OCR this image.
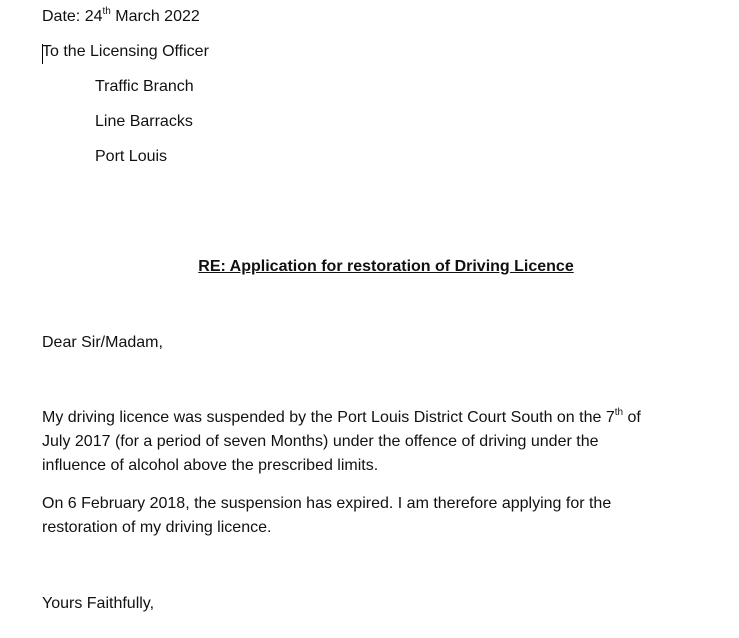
Date: 24th March 2022

To the Licensing Officer

Traffic Branch

Line Barracks

Port Louis

RE: Application for restoration of Driving Licence

Dear Sir/Madam,

My driving licence was suspended by the Port Louis District Court South on the 7th of
July 2017 (for a period of seven Months) under the offence of driving under the
influence of alcohol above the prescribed limits.
On 6 February 2018, the suspension has expired. I am therefore applying for the
restoration of my driving licence.

Yours Faithfully,
